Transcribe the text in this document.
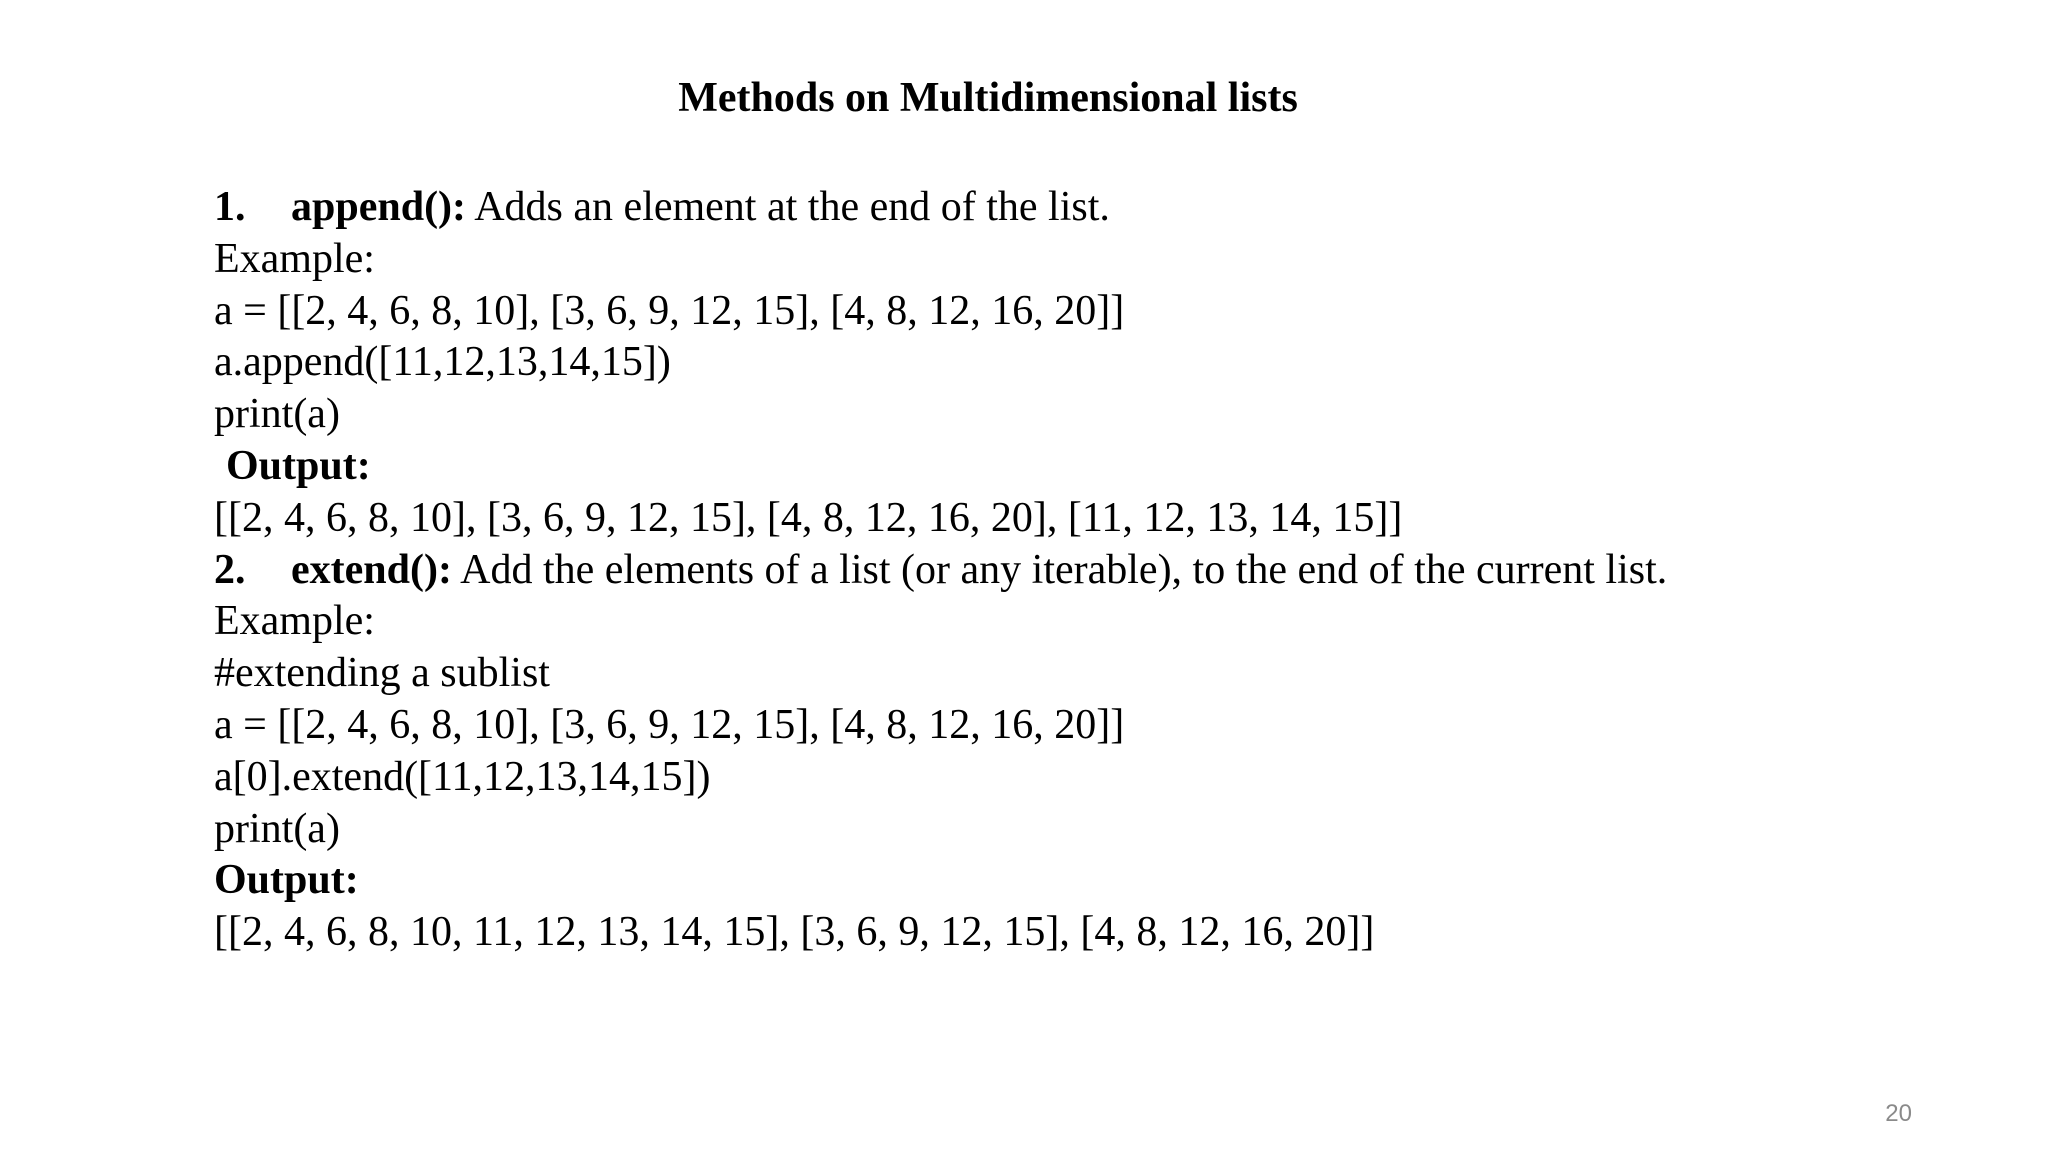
Methods on Multidimensional lists
1. append(): Adds an element at the end of the list.
Example:
a = [[2, 4, 6, 8, 10], [3, 6, 9, 12, 15], [4, 8, 12, 16, 20]]
a.append([11,12,13,14,15])
print(a)
Output:
[[2, 4, 6, 8, 10], [3, 6, 9, 12, 15], [4, 8, 12, 16, 20], [11, 12, 13, 14, 15]]
2. extend(): Add the elements of a list (or any iterable), to the end of the current list.
Example:
#extending a sublist
a = [[2, 4, 6, 8, 10], [3, 6, 9, 12, 15], [4, 8, 12, 16, 20]]
a[0].extend([11,12,13,14,15])
print(a)
Output:
[[2, 4, 6, 8, 10, 11, 12, 13, 14, 15], [3, 6, 9, 12, 15], [4, 8, 12, 16, 20]]
20
